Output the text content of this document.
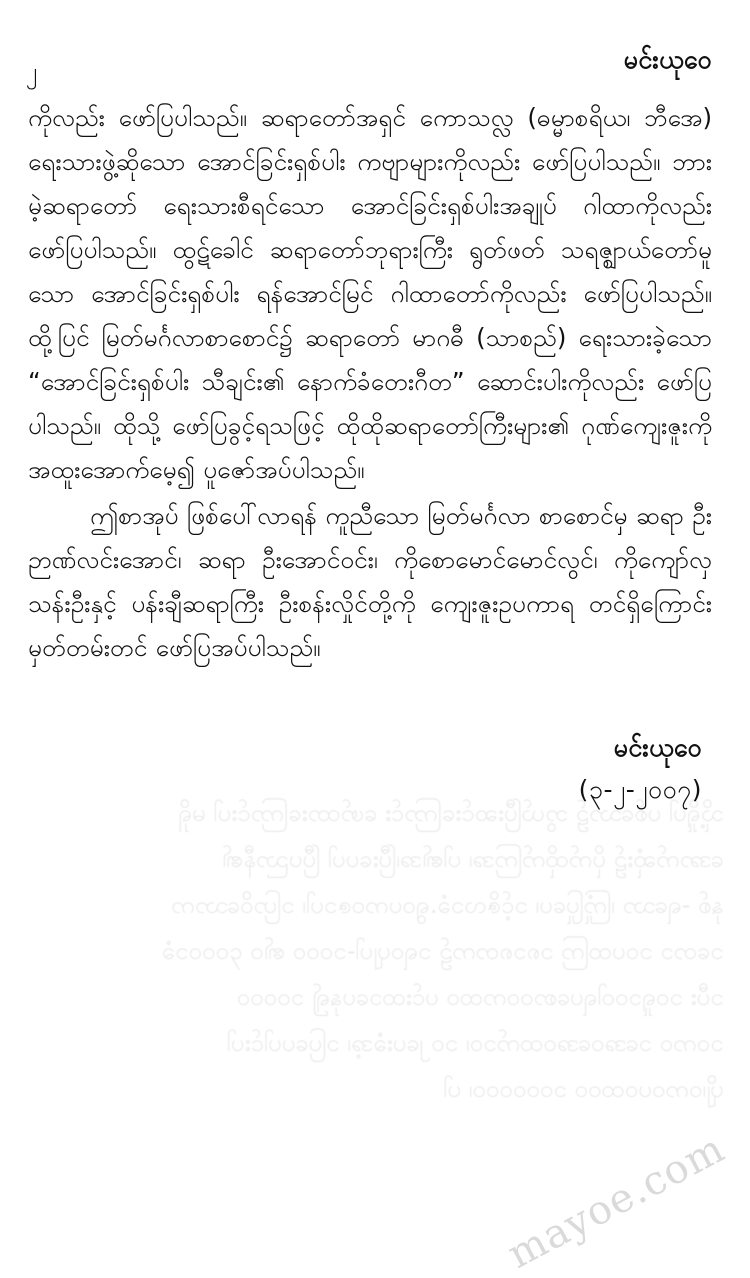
၂	မင်းယုဝေ

ကိုလည်း ဖော်ပြပါသည်။ ဆရာတော်အရှင် ကောသလ္လ (ဓမ္မာစရိယ၊ ဘီအေ) ရေးသားဖွဲ့ဆိုသော အောင်ခြင်းရှစ်ပါး ကဗျာများကိုလည်း ဖော်ပြပါသည်။ ဘားမဲ့ဆရာတော် ရေးသားစီရင်သော အောင်ခြင်းရှစ်ပါးအချုပ် ဂါထာကိုလည်း ဖော်ပြပါသည်။ ထွဋ်ခေါင် ဆရာတော်ဘုရားကြီး ရွတ်ဖတ် သရဇ္ဈာယ်တော်မူသော အောင်ခြင်းရှစ်ပါး ရန်အောင်မြင် ဂါထာတော်ကိုလည်း ဖော်ပြပါသည်။ ထို့ပြင် မြတ်မင်္ဂလာစာစောင်၌ ဆရာတော် မာဂဓီ (သာစည်) ရေးသားခဲ့သော “အောင်ခြင်းရှစ်ပါး သီချင်း၏ နောက်ခံတေးဂီတ” ဆောင်းပါးကိုလည်း ဖော်ပြပါသည်။ ထိုသို့ ဖော်ပြခွင့်ရသဖြင့် ထိုထိုဆရာတော်ကြီးများ၏ ဂုဏ်ကျေးဇူးကို အထူးအောက်မေ့၍ ပူဇော်အပ်ပါသည်။

ဤစာအုပ် ဖြစ်ပေါ်လာရန် ကူညီသော မြတ်မင်္ဂလာ စာစောင်မှ ဆရာ ဦးဉာဏ်လင်းအောင်၊ ဆရာ ဦးအောင်ဝင်း၊ ကိုစောမောင်မောင်လွင်၊ ကိုကျော်လှသန်းဦးနှင့် ပန်းချီဆရာကြီး ဦးစန်းလှိုင်တို့ကို ကျေးဇူးဥပကာရ တင်ရှိကြောင်း မှတ်တမ်းတင် ဖော်ပြအပ်ပါသည်။

မင်းယုဝေ
(၃-၂-၂၀၀၇)
သို့ရှိုပါ ပစ်သော၌ ဘွယ်ပြီးဆင်းကြောင်း ဖော်ထားကြောင်းပါ မရှိ
အောက်ဆုံး၌ ပိုက်ထိုက်ကြအ၊ ပါ၏အ၊ပြီးပေပါ ပြီပညာနီ၏
နှစ် -ရသော ၊ကြုံပြုပေ၊ ၁င့်ဇိလ၁ခံ.ရွ၀ပက၀ဇ၁ပါ၊ ၁ပြာဝိသောက
၁တေ၁ ၁၀ပထကြ ၁၈၁၈တက၌ ၁ရဝပျပါ-၁၀၀၀ ၏၀ ၄၀၀၀၁ခံ
၁ပီး ၁၀ရှု၁၀ဝါရပစောဝဝကထ၀ ပင်းထ၁ပေနှ၍ ၁၀၀၀၀
၁၀ကဝ ၁အေ၀အေ၀ထက်၁၀၊ ၁၀၂ပေးခံအ့၊ ၁ပြပေပါင်းပါ
ပျိ၊၀ကဝပဝထ၀၀ ၁၀၀၀၀၀၀၊ ပါ
mayoe.com
